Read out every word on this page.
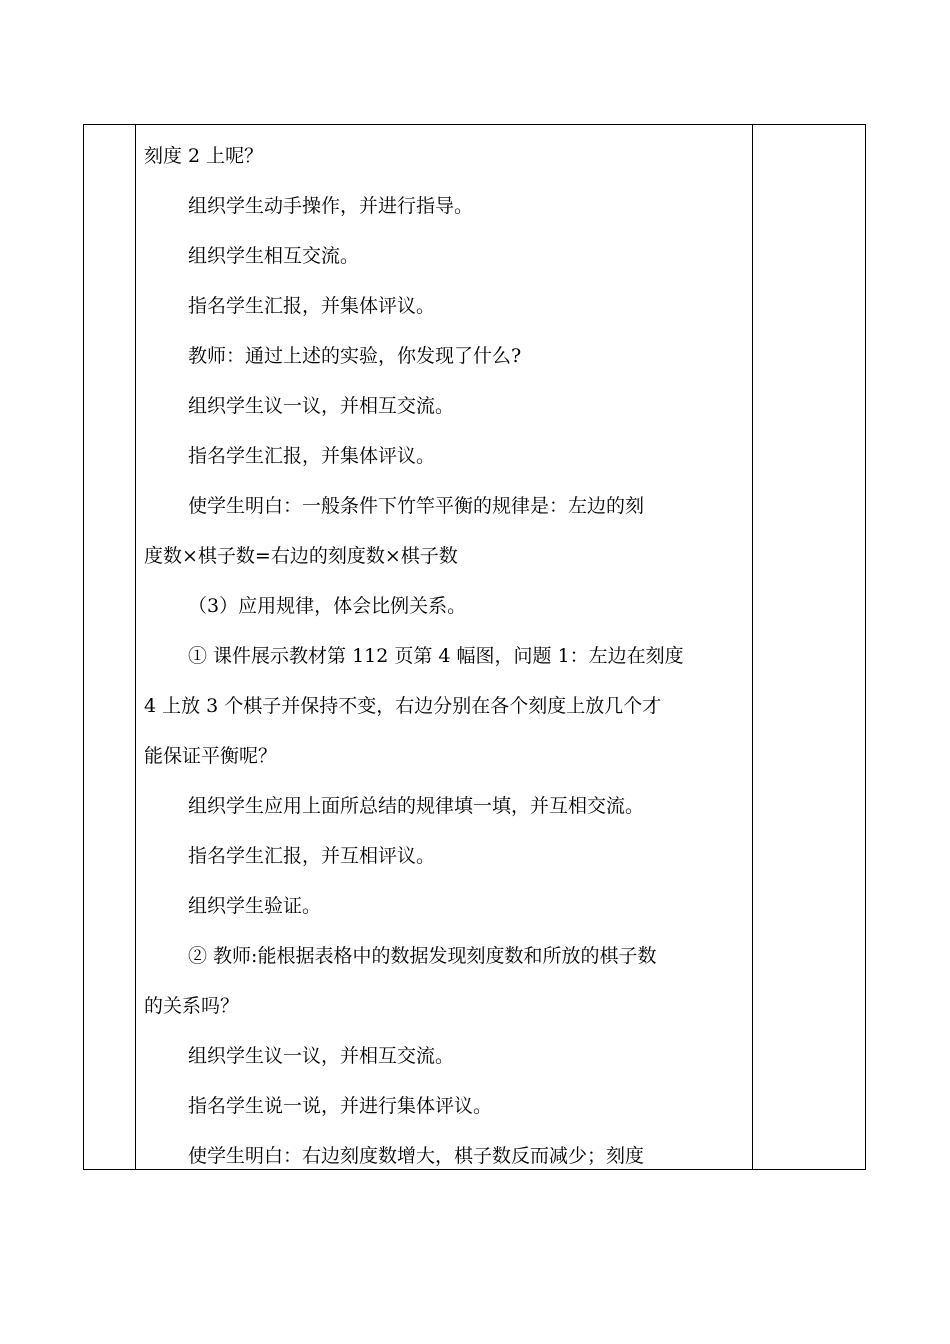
刻度 2 上呢？

组织学生动手操作，并进行指导。

组织学生相互交流。

指名学生汇报，并集体评议。

教师：通过上述的实验，你发现了什么?

组织学生议一议，并相互交流。

指名学生汇报，并集体评议。

使学生明白：一般条件下竹竿平衡的规律是：左边的刻

度数×棋子数=右边的刻度数×棋子数

（3）应用规律，体会比例关系。

① 课件展示教材第 112 页第 4 幅图，问题 1：左边在刻度

4 上放 3 个棋子并保持不变，右边分别在各个刻度上放几个才

能保证平衡呢？

组织学生应用上面所总结的规律填一填，并互相交流。

指名学生汇报，并互相评议。

组织学生验证。

② 教师:能根据表格中的数据发现刻度数和所放的棋子数

的关系吗？

组织学生议一议，并相互交流。

指名学生说一说，并进行集体评议。

使学生明白：右边刻度数增大，棋子数反而减少；刻度
